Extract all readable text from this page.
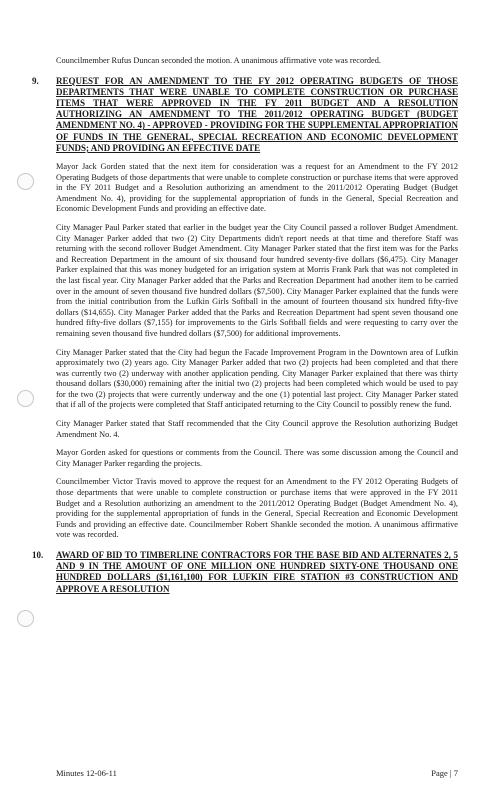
Councilmember Rufus Duncan seconded the motion. A unanimous affirmative vote was recorded.

9. REQUEST FOR AN AMENDMENT TO THE FY 2012 OPERATING BUDGETS OF THOSE DEPARTMENTS THAT WERE UNABLE TO COMPLETE CONSTRUCTION OR PURCHASE ITEMS THAT WERE APPROVED IN THE FY 2011 BUDGET AND A RESOLUTION AUTHORIZING AN AMENDMENT TO THE 2011/2012 OPERATING BUDGET (BUDGET AMENDMENT NO. 4) - APPROVED - PROVIDING FOR THE SUPPLEMENTAL APPROPRIATION OF FUNDS IN THE GENERAL, SPECIAL RECREATION AND ECONOMIC DEVELOPMENT FUNDS; AND PROVIDING AN EFFECTIVE DATE

Mayor Jack Gorden stated that the next item for consideration was a request for an Amendment to the FY 2012 Operating Budgets of those departments that were unable to complete construction or purchase items that were approved in the FY 2011 Budget and a Resolution authorizing an amendment to the 2011/2012 Operating Budget (Budget Amendment No. 4), providing for the supplemental appropriation of funds in the General, Special Recreation and Economic Development Funds and providing an effective date.

City Manager Paul Parker stated that earlier in the budget year the City Council passed a rollover Budget Amendment. City Manager Parker added that two (2) City Departments didn't report needs at that time and therefore Staff was returning with the second rollover Budget Amendment. City Manager Parker stated that the first item was for the Parks and Recreation Department in the amount of six thousand four hundred seventy-five dollars ($6,475). City Manager Parker explained that this was money budgeted for an irrigation system at Morris Frank Park that was not completed in the last fiscal year. City Manager Parker added that the Parks and Recreation Department had another item to be carried over in the amount of seven thousand five hundred dollars ($7,500). City Manager Parker explained that the funds were from the initial contribution from the Lufkin Girls Softball in the amount of fourteen thousand six hundred fifty-five dollars ($14,655). City Manager Parker added that the Parks and Recreation Department had spent seven thousand one hundred fifty-five dollars ($7,155) for improvements to the Girls Softball fields and were requesting to carry over the remaining seven thousand five hundred dollars ($7,500) for additional improvements.

City Manager Parker stated that the City had begun the Facade Improvement Program in the Downtown area of Lufkin approximately two (2) years ago. City Manager Parker added that two (2) projects had been completed and that there was currently two (2) underway with another application pending. City Manager Parker explained that there was thirty thousand dollars ($30,000) remaining after the initial two (2) projects had been completed which would be used to pay for the two (2) projects that were currently underway and the one (1) potential last project. City Manager Parker stated that if all of the projects were completed that Staff anticipated returning to the City Council to possibly renew the fund.

City Manager Parker stated that Staff recommended that the City Council approve the Resolution authorizing Budget Amendment No. 4.

Mayor Gorden asked for questions or comments from the Council. There was some discussion among the Council and City Manager Parker regarding the projects.

Councilmember Victor Travis moved to approve the request for an Amendment to the FY 2012 Operating Budgets of those departments that were unable to complete construction or purchase items that were approved in the FY 2011 Budget and a Resolution authorizing an amendment to the 2011/2012 Operating Budget (Budget Amendment No. 4), providing for the supplemental appropriation of funds in the General, Special Recreation and Economic Development Funds and providing an effective date. Councilmember Robert Shankle seconded the motion. A unanimous affirmative vote was recorded.

10. AWARD OF BID TO TIMBERLINE CONTRACTORS FOR THE BASE BID AND ALTERNATES 2, 5 AND 9 IN THE AMOUNT OF ONE MILLION ONE HUNDRED SIXTY-ONE THOUSAND ONE HUNDRED DOLLARS ($1,161,100) FOR LUFKIN FIRE STATION #3 CONSTRUCTION AND APPROVE A RESOLUTION
Minutes 12-06-11	Page | 7
